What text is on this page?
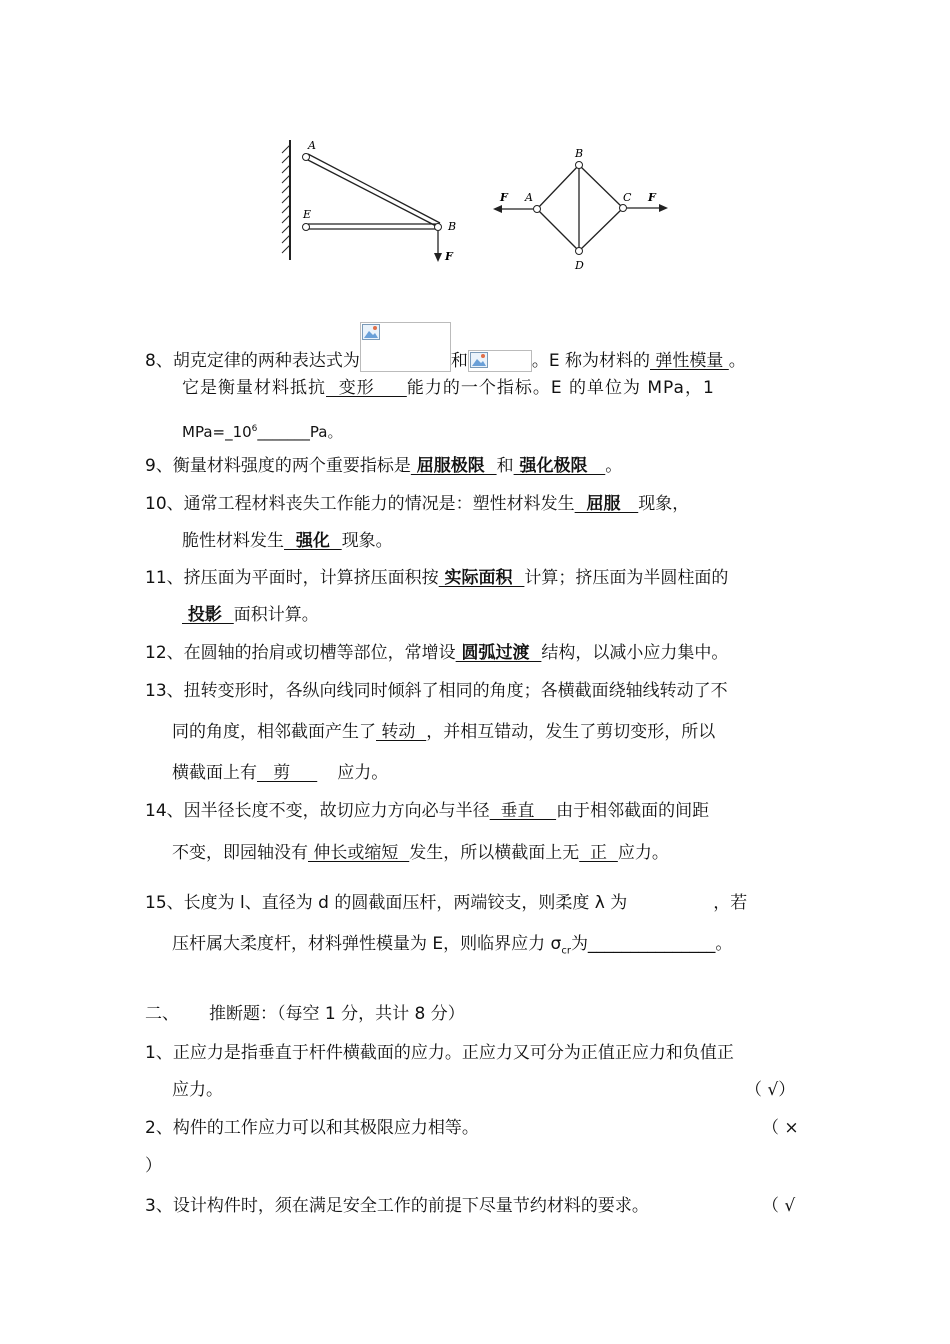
A
E
B
F
A
B
C
D
F	F
8、胡克定律的两种表达式为	和	。E 称为材料的 弹性模量 。
它是衡量材料抵抗  变形     能力的一个指标。E 的单位为 MPa，1
$MPa=\_10^6\_\_\_\_\_\_\_Pa$。
9、衡量材料强度的两个重要指标是 屈服极限  和 强化极限   。
10、通常工程材料丧失工作能力的情况是：塑性材料发生  屈服   现象，
脆性材料发生  强化  现象。
11、挤压面为平面时，计算挤压面积按 实际面积  计算；挤压面为半圆柱面的
投影  面积计算。
12、在圆轴的抬肩或切槽等部位，常增设 圆弧过渡  结构，以减小应力集中。
13、扭转变形时，各纵向线同时倾斜了相同的角度；各横截面绕轴线转动了不
同的角度，相邻截面产生了 转动  ，并相互错动，发生了剪切变形，所以
横截面上有   剪     应力。
14、因半径长度不变，故切应力方向必与半径  垂直    由于相邻截面的间距
不变，即园轴没有 伸长或缩短  发生，所以横截面上无  正  应力。
15、长度为 l、直径为 d 的圆截面压杆，两端铰支，则柔度 λ 为	，若
压杆属大柔度杆，材料弹性模量为 E，则临界应力 $\sigma_{cr}$为_______________。
二、 推断题：（每空 1 分，共计 8 分）
1、正应力是指垂直于杆件横截面的应力。正应力又可分为正值正应力和负值正
应力。	（ √）
2、构件的工作应力可以和其极限应力相等。	（ ×
）
3、设计构件时，须在满足安全工作的前提下尽量节约材料的要求。	（ √
